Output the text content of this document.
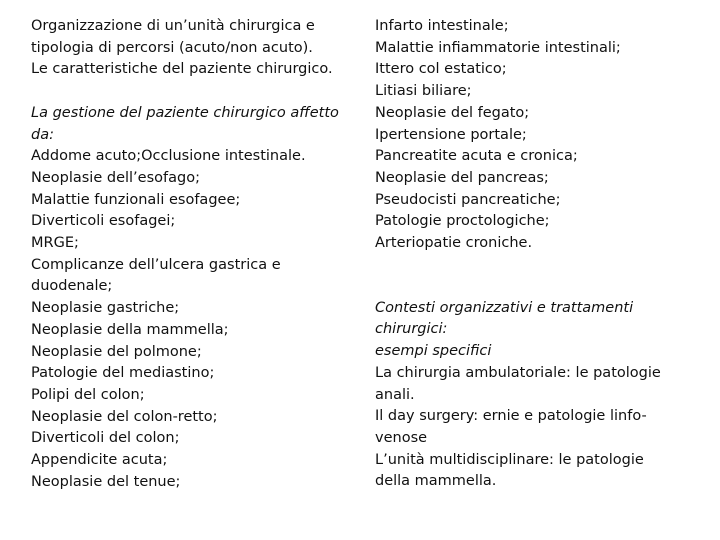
Organizzazione di un’unità chirurgica e
tipologia di percorsi (acuto/non acuto).
Le caratteristiche del paziente chirurgico.
La gestione del paziente chirurgico affetto
da:
Addome acuto;Occlusione intestinale.
Neoplasie dell’esofago;
Malattie funzionali esofagee;
Diverticoli esofagei;
MRGE;
Complicanze dell’ulcera gastrica e
duodenale;
Neoplasie gastriche;
Neoplasie della mammella;
Neoplasie del polmone;
Patologie del mediastino;
Polipi del colon;
Neoplasie del colon-retto;
Diverticoli del colon;
Appendicite acuta;
Neoplasie del tenue;
Infarto intestinale;
Malattie infiammatorie intestinali;
Ittero col estatico;
Litiasi biliare;
Neoplasie del fegato;
Ipertensione portale;
Pancreatite acuta e cronica;
Neoplasie del pancreas;
Pseudocisti pancreatiche;
Patologie proctologiche;
Arteriopatie croniche.
Contesti organizzativi e trattamenti
chirurgici:
esempi specifici
La chirurgia ambulatoriale: le patologie
anali.
Il day surgery: ernie e patologie linfo-
venose
L’unità multidisciplinare: le patologie
della mammella.
